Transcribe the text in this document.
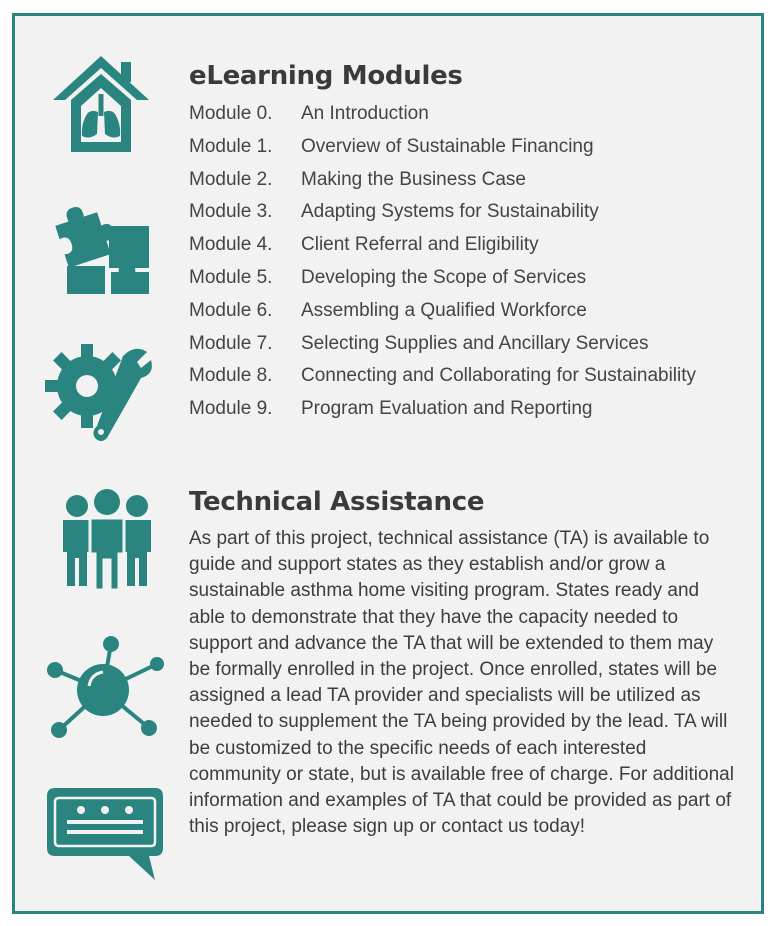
eLearning Modules
Module 0.	An Introduction
Module 1.	Overview of Sustainable Financing
Module 2.	Making the Business Case
Module 3.	Adapting Systems for Sustainability
Module 4.	Client Referral and Eligibility
Module 5.	Developing the Scope of Services
Module 6.	Assembling a Qualified Workforce
Module 7.	Selecting Supplies and Ancillary Services
Module 8.	Connecting and Collaborating for Sustainability
Module 9.	Program Evaluation and Reporting
Technical Assistance

As part of this project, technical assistance (TA) is available to guide and support states as they establish and/or grow a sustainable asthma home visiting program. States ready and able to demonstrate that they have the capacity needed to support and advance the TA that will be extended to them may be formally enrolled in the project. Once enrolled, states will be assigned a lead TA provider and specialists will be utilized as needed to supplement the TA being provided by the lead. TA will be customized to the specific needs of each interested community or state, but is available free of charge. For additional information and examples of TA that could be provided as part of this project, please sign up or contact us today!
